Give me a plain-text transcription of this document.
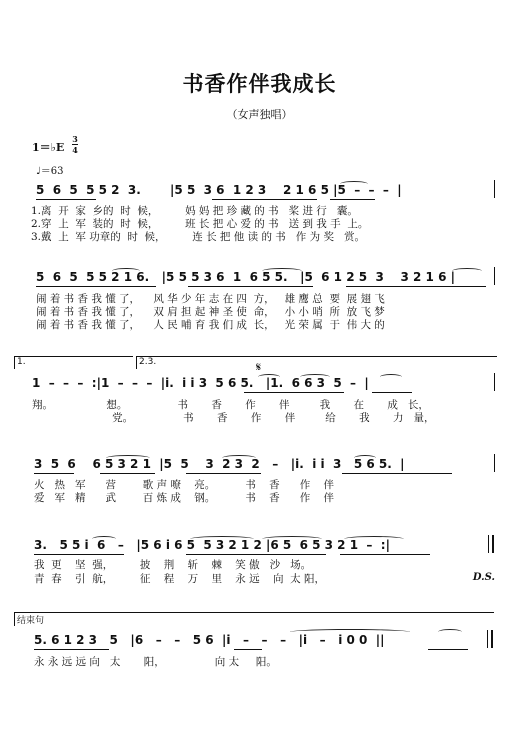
书香作伴我成长
（女声独唱）
1＝♭E
3
4
♩＝63
5  6  5  5 5 2  3.       |5 5  3 6  1 2 3    2 1 6 5 |5  –  –  –  |
1.离  开  家  乡的  时  候，        妈 妈 把 珍 藏 的 书   桨 进 行   囊。
2.穿  上  军  装的  时  候，        班 长 把 心 爱 的 书   送 到 我 手  上。
3.戴  上  军 功章的  时  候，        连 长 把 他 读 的 书   作 为 奖   赏。
5  6  5  5 5 2 1 6.   |5 5 5 3 6  1  6 5 5.   |5  6 1 2 5  3    3 2 1 6 |
闹 着 书 香 我 懂 了，    风 华 少 年 志 在 四  方，   雄 鹰 总  要  展 翅 飞
闹 着 书 香 我 懂 了，    双 肩 担 起 神 圣 使  命，   小 小 哨  所  放 飞 梦
闹 着 书 香 我 懂 了，    人 民 哺 育 我 们 成  长，   光 荣 属  于  伟 大 的
1.	2.3.	𝄋
1  –  –  –  :|1  –  –  –  |i.  i i 3  5 6 5.   |1.  6 6 3  5  –  |
翔。                想。               书       香       作       伴         我       在       成   长，
党。               书       香       作       伴         给       我       力   量，
3  5  6    6 5 3 2 1  |5  5    3  2 3  2   –   |i.  i i  3   5 6 5.  |
火   热   军      营        歌 声 嘹    亮。         书    香      作    伴
爱   军   精      武        百 炼 成    钢。         书    香      作    伴
3.   5 5 i  6   –   |5 6 i 6 5  5 3 2 1 2 |6 5  6 5 3 2 1  –  :|
我  更    坚  强，        披    荆    斩    棘    笑 傲   沙   场。
青  春    引  航，        征    程    万    里    永 远    向  太 阳，	D.S.
结束句
5. 6 1 2 3   5   |6   –   –   5 6  |i   –   –   –   |i   –   i 0 0  ||
永 永 远 远 向   太       阳，               向 太     阳。
